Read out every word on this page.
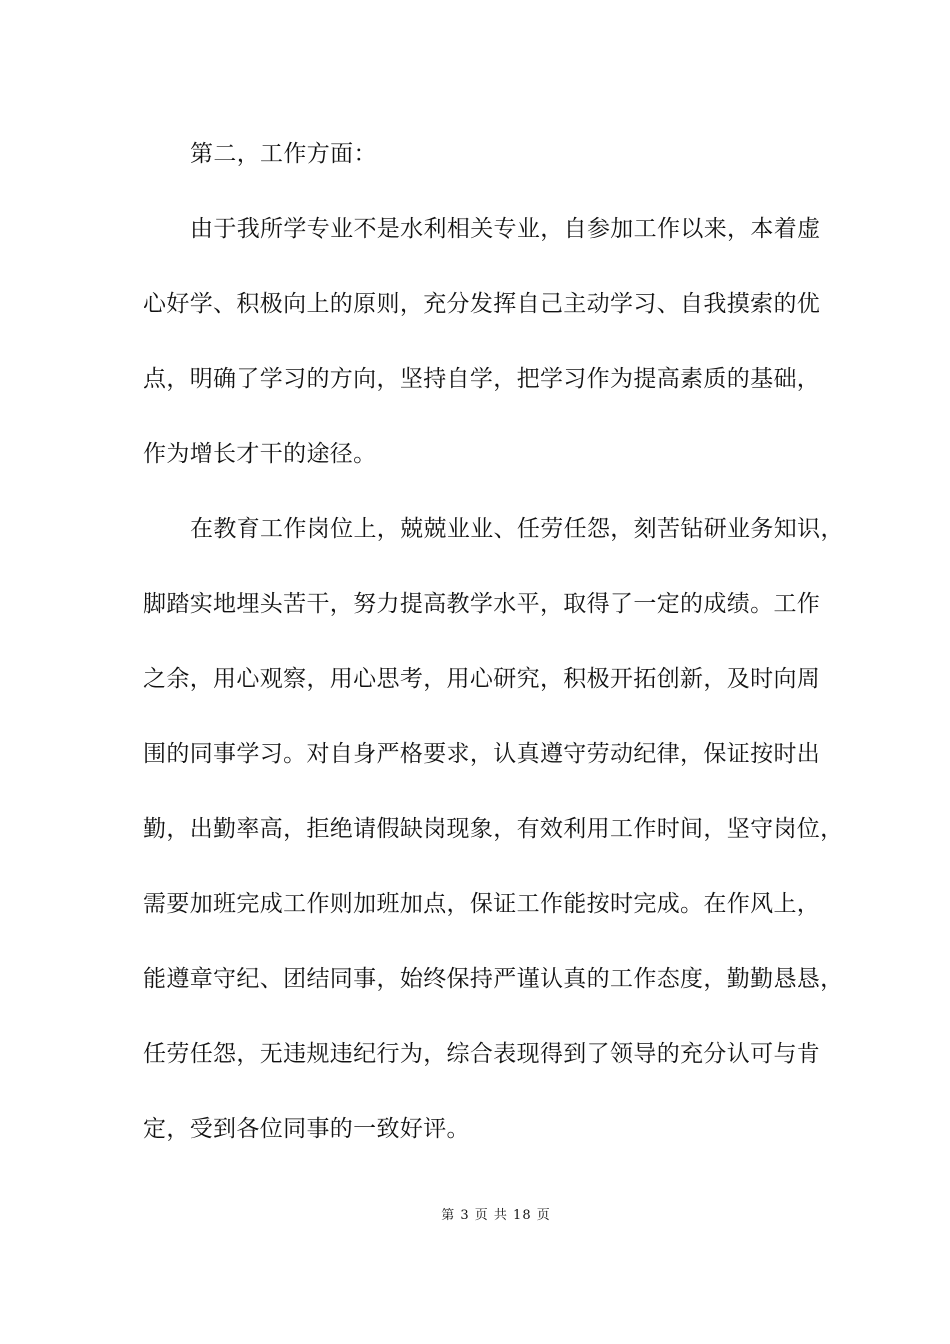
第二，工作方面：
由于我所学专业不是水利相关专业，自参加工作以来，本着虚
心好学、积极向上的原则，充分发挥自己主动学习、自我摸索的优
点，明确了学习的方向，坚持自学，把学习作为提高素质的基础，
作为增长才干的途径。
在教育工作岗位上，兢兢业业、任劳任怨，刻苦钻研业务知识，
脚踏实地埋头苦干，努力提高教学水平，取得了一定的成绩。工作
之余，用心观察，用心思考，用心研究，积极开拓创新，及时向周
围的同事学习。对自身严格要求，认真遵守劳动纪律，保证按时出
勤，出勤率高，拒绝请假缺岗现象，有效利用工作时间，坚守岗位，
需要加班完成工作则加班加点，保证工作能按时完成。在作风上，
能遵章守纪、团结同事，始终保持严谨认真的工作态度，勤勤恳恳，
任劳任怨，无违规违纪行为，综合表现得到了领导的充分认可与肯
定，受到各位同事的一致好评。
第 3 页 共 18 页
